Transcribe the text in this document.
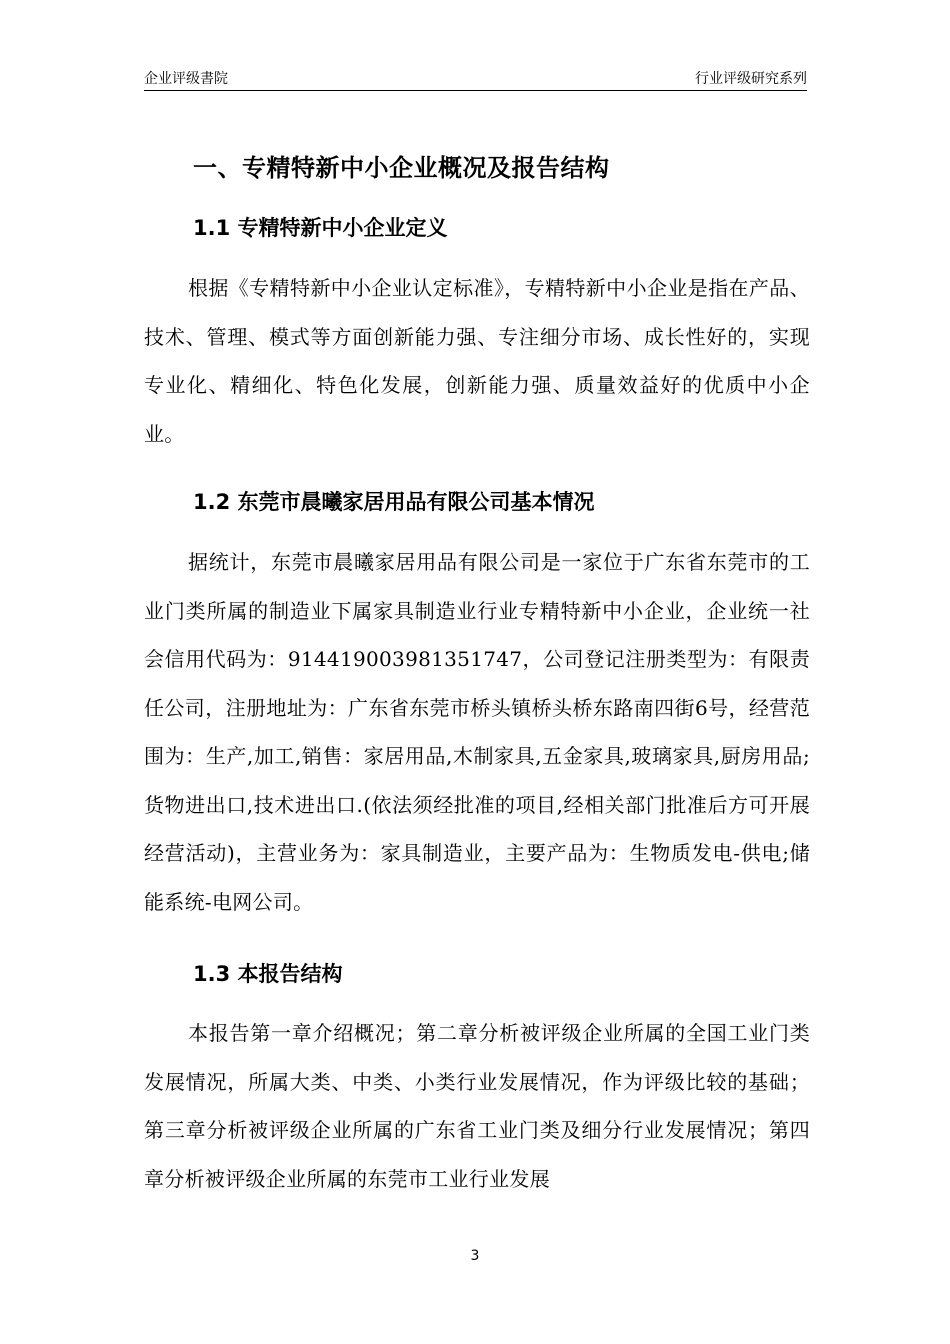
企业评级書院	行业评级研究系列
一、专精特新中小企业概况及报告结构
1.1 专精特新中小企业定义

根据《专精特新中小企业认定标准》，专精特新中小企业是指在产品、技术、管理、模式等方面创新能力强、专注细分市场、成长性好的，实现专业化、精细化、特色化发展，创新能力强、质量效益好的优质中小企业。

1.2 东莞市晨曦家居用品有限公司基本情况

据统计，东莞市晨曦家居用品有限公司是一家位于广东省东莞市的工业门类所属的制造业下属家具制造业行业专精特新中小企业，企业统一社会信用代码为：914419003981351747，公司登记注册类型为：有限责任公司，注册地址为：广东省东莞市桥头镇桥头桥东路南四街6号，经营范围为：生产,加工,销售：家居用品,木制家具,五金家具,玻璃家具,厨房用品;货物进出口,技术进出口.(依法须经批准的项目,经相关部门批准后方可开展经营活动)，主营业务为：家具制造业，主要产品为：生物质发电-供电;储能系统-电网公司。

1.3 本报告结构

本报告第一章介绍概况；第二章分析被评级企业所属的全国工业门类发展情况，所属大类、中类、小类行业发展情况，作为评级比较的基础；第三章分析被评级企业所属的广东省工业门类及细分行业发展情况；第四章分析被评级企业所属的东莞市工业行业发展

3
